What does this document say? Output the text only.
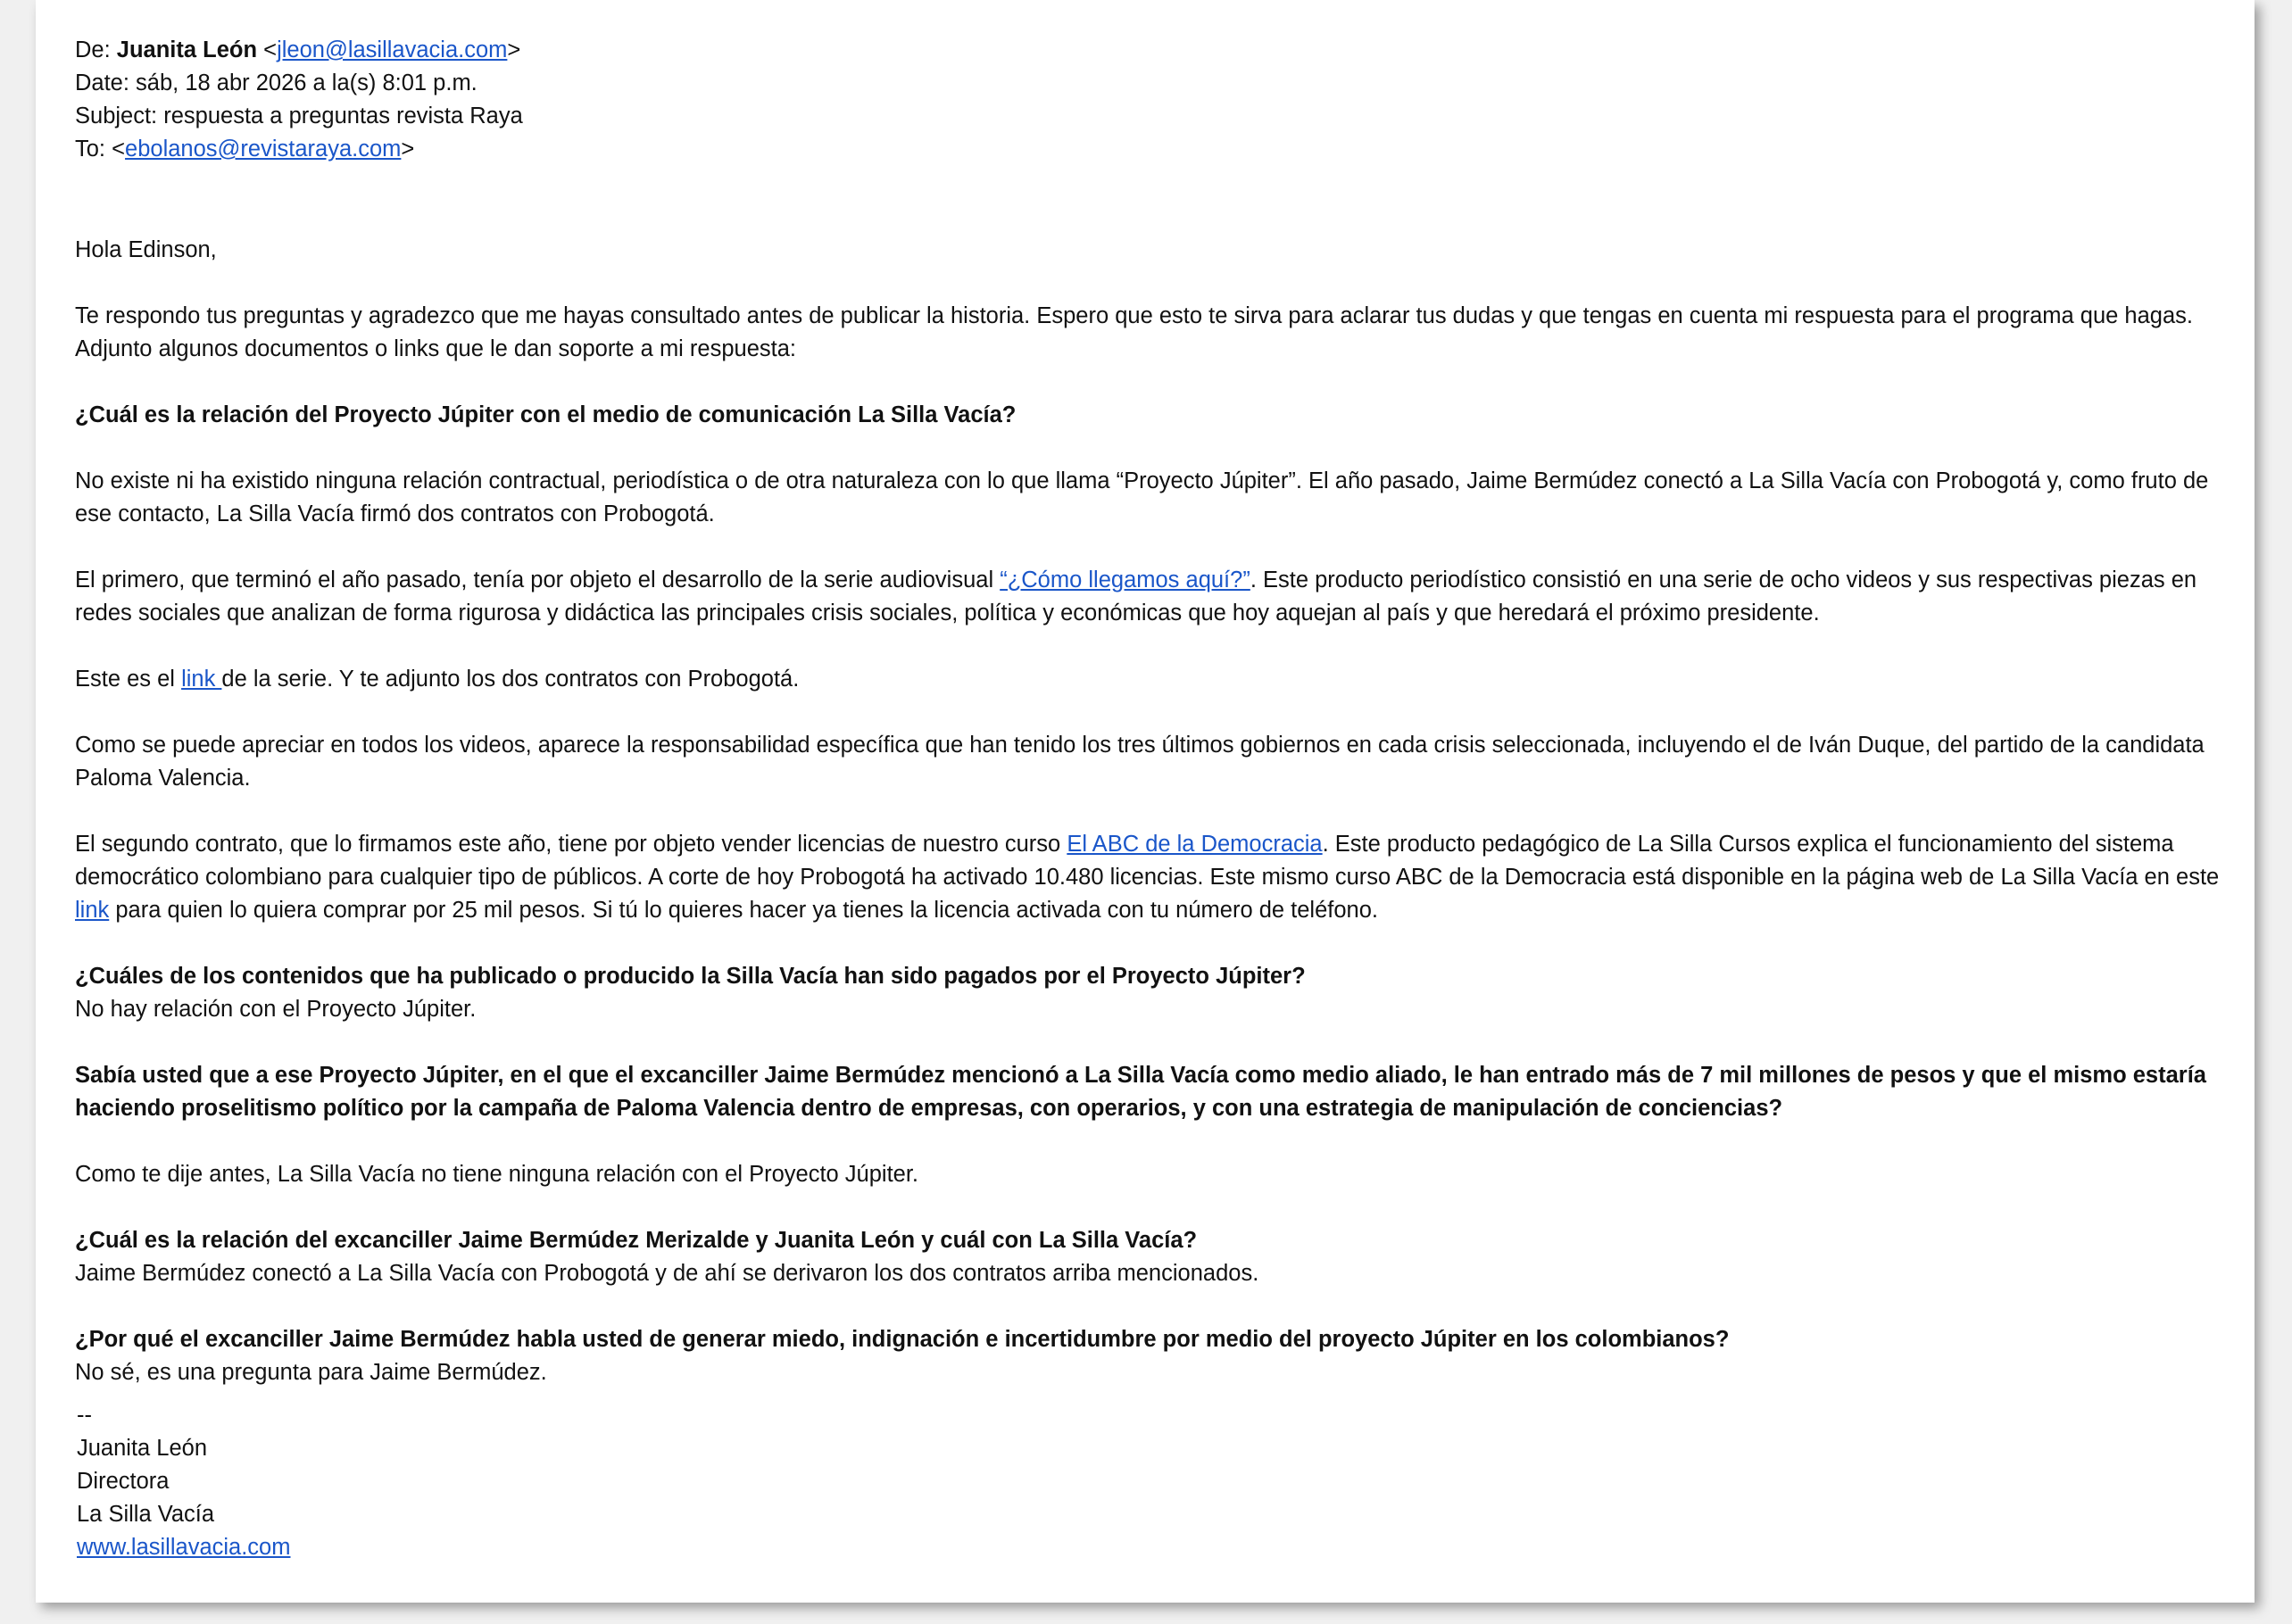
De: Juanita León <jleon@lasillavacia.com>
Date: sáb, 18 abr 2026 a la(s) 8:01 p.m.
Subject: respuesta a preguntas revista Raya
To: <ebolanos@revistaraya.com>

Hola Edinson,

Te respondo tus preguntas y agradezco que me hayas consultado antes de publicar la historia. Espero que esto te sirva para aclarar tus dudas y que tengas en cuenta mi respuesta para el programa que hagas. Adjunto algunos documentos o links que le dan soporte a mi respuesta:

¿Cuál es la relación del Proyecto Júpiter con el medio de comunicación La Silla Vacía?

No existe ni ha existido ninguna relación contractual, periodística o de otra naturaleza con lo que llama “Proyecto Júpiter”. El año pasado, Jaime Bermúdez conectó a La Silla Vacía con Probogotá y, como fruto de ese contacto, La Silla Vacía firmó dos contratos con Probogotá.

El primero, que terminó el año pasado, tenía por objeto el desarrollo de la serie audiovisual “¿Cómo llegamos aquí?”. Este producto periodístico consistió en una serie de ocho videos y sus respectivas piezas en redes sociales que analizan de forma rigurosa y didáctica las principales crisis sociales, política y económicas que hoy aquejan al país y que heredará el próximo presidente.

Este es el link de la serie. Y te adjunto los dos contratos con Probogotá.

Como se puede apreciar en todos los videos, aparece la responsabilidad específica que han tenido los tres últimos gobiernos en cada crisis seleccionada, incluyendo el de Iván Duque, del partido de la candidata Paloma Valencia.

El segundo contrato, que lo firmamos este año, tiene por objeto vender licencias de nuestro curso El ABC de la Democracia. Este producto pedagógico de La Silla Cursos explica el funcionamiento del sistema democrático colombiano para cualquier tipo de públicos. A corte de hoy Probogotá ha activado 10.480 licencias. Este mismo curso ABC de la Democracia está disponible en la página web de La Silla Vacía en este link para quien lo quiera comprar por 25 mil pesos. Si tú lo quieres hacer ya tienes la licencia activada con tu número de teléfono.

¿Cuáles de los contenidos que ha publicado o producido la Silla Vacía han sido pagados por el Proyecto Júpiter?

No hay relación con el Proyecto Júpiter.

Sabía usted que a ese Proyecto Júpiter, en el que el excanciller Jaime Bermúdez mencionó a La Silla Vacía como medio aliado, le han entrado más de 7 mil millones de pesos y que el mismo estaría haciendo proselitismo político por la campaña de Paloma Valencia dentro de empresas, con operarios, y con una estrategia de manipulación de conciencias?

Como te dije antes, La Silla Vacía no tiene ninguna relación con el Proyecto Júpiter.

¿Cuál es la relación del excanciller Jaime Bermúdez Merizalde y Juanita León y cuál con La Silla Vacía?

Jaime Bermúdez conectó a La Silla Vacía con Probogotá y de ahí se derivaron los dos contratos arriba mencionados.

¿Por qué el excanciller Jaime Bermúdez habla usted de generar miedo, indignación e incertidumbre por medio del proyecto Júpiter en los colombianos?

No sé, es una pregunta para Jaime Bermúdez.

--
Juanita León
Directora
La Silla Vacía
www.lasillavacia.com
